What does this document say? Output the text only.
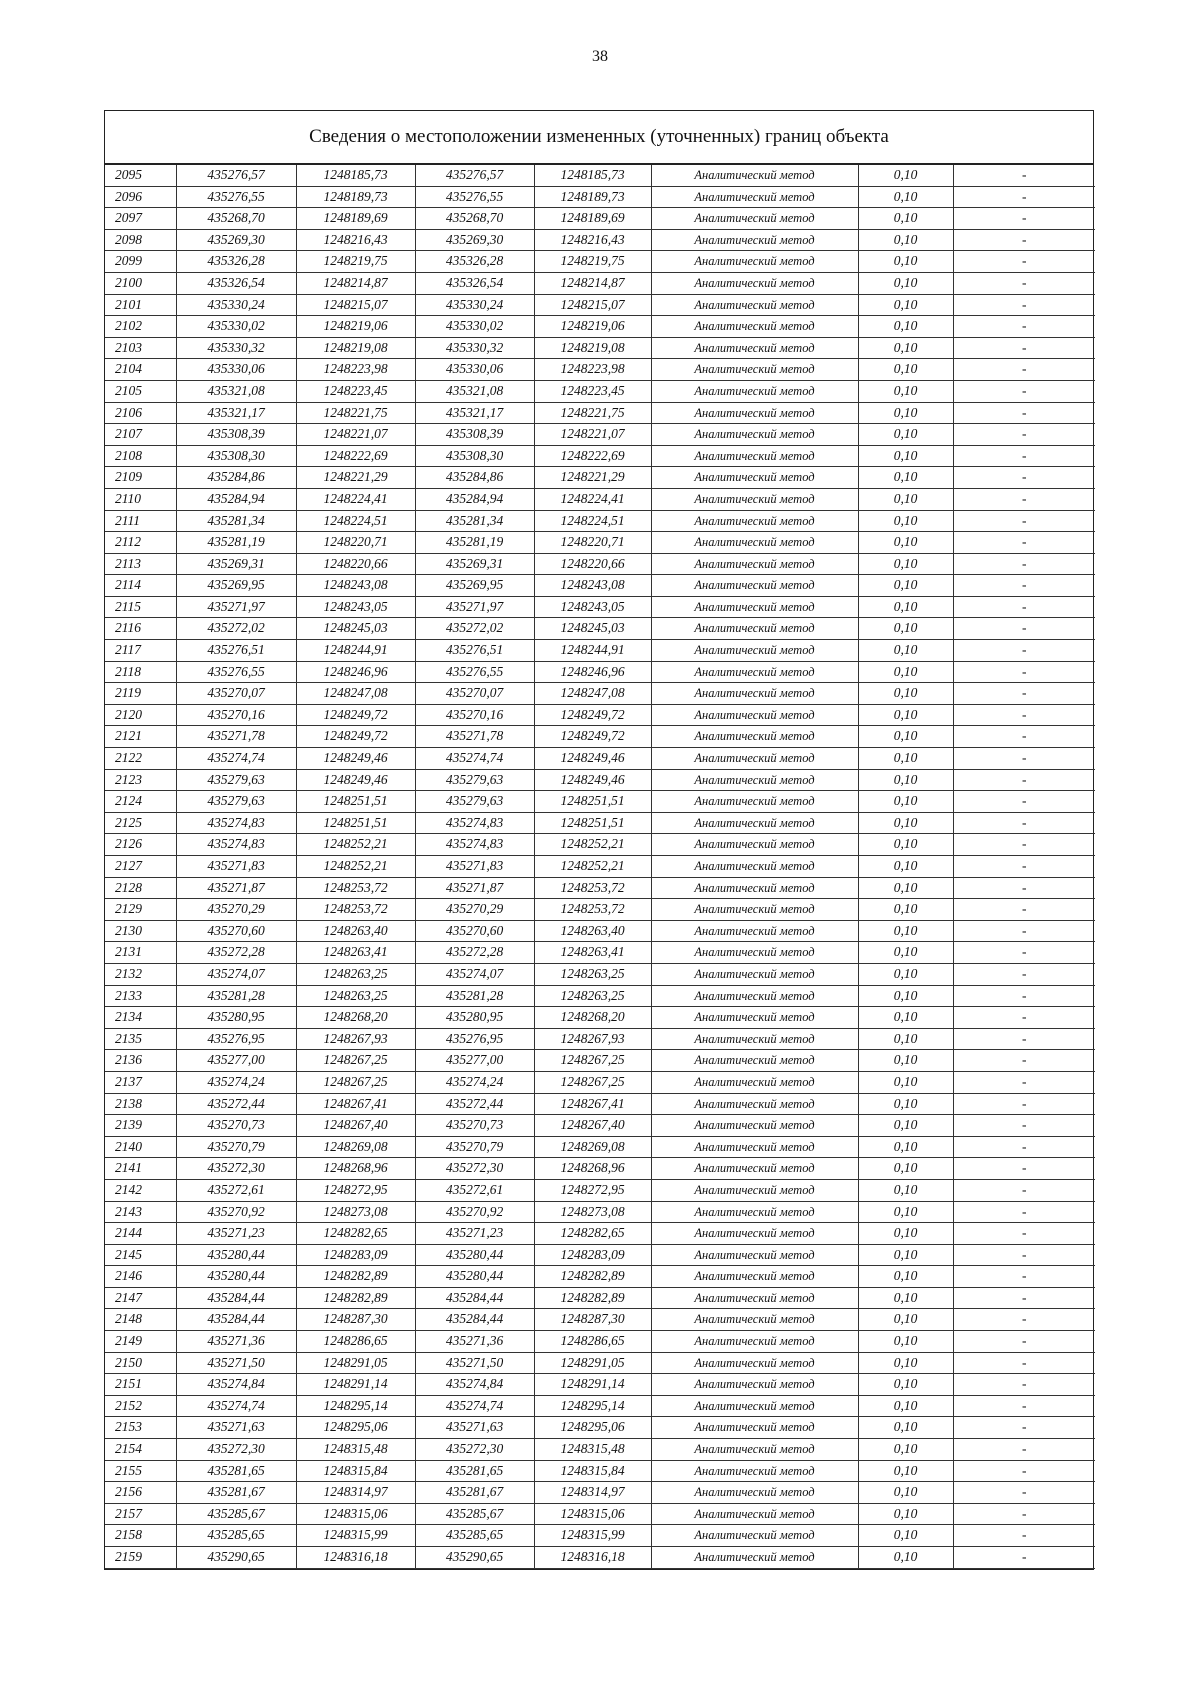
38
Сведения о местоположении измененных (уточненных) границ объекта
2095	435276,57	1248185,73	435276,57	1248185,73	Аналитический метод	0,10	-
2096	435276,55	1248189,73	435276,55	1248189,73	Аналитический метод	0,10	-
2097	435268,70	1248189,69	435268,70	1248189,69	Аналитический метод	0,10	-
2098	435269,30	1248216,43	435269,30	1248216,43	Аналитический метод	0,10	-
2099	435326,28	1248219,75	435326,28	1248219,75	Аналитический метод	0,10	-
2100	435326,54	1248214,87	435326,54	1248214,87	Аналитический метод	0,10	-
2101	435330,24	1248215,07	435330,24	1248215,07	Аналитический метод	0,10	-
2102	435330,02	1248219,06	435330,02	1248219,06	Аналитический метод	0,10	-
2103	435330,32	1248219,08	435330,32	1248219,08	Аналитический метод	0,10	-
2104	435330,06	1248223,98	435330,06	1248223,98	Аналитический метод	0,10	-
2105	435321,08	1248223,45	435321,08	1248223,45	Аналитический метод	0,10	-
2106	435321,17	1248221,75	435321,17	1248221,75	Аналитический метод	0,10	-
2107	435308,39	1248221,07	435308,39	1248221,07	Аналитический метод	0,10	-
2108	435308,30	1248222,69	435308,30	1248222,69	Аналитический метод	0,10	-
2109	435284,86	1248221,29	435284,86	1248221,29	Аналитический метод	0,10	-
2110	435284,94	1248224,41	435284,94	1248224,41	Аналитический метод	0,10	-
2111	435281,34	1248224,51	435281,34	1248224,51	Аналитический метод	0,10	-
2112	435281,19	1248220,71	435281,19	1248220,71	Аналитический метод	0,10	-
2113	435269,31	1248220,66	435269,31	1248220,66	Аналитический метод	0,10	-
2114	435269,95	1248243,08	435269,95	1248243,08	Аналитический метод	0,10	-
2115	435271,97	1248243,05	435271,97	1248243,05	Аналитический метод	0,10	-
2116	435272,02	1248245,03	435272,02	1248245,03	Аналитический метод	0,10	-
2117	435276,51	1248244,91	435276,51	1248244,91	Аналитический метод	0,10	-
2118	435276,55	1248246,96	435276,55	1248246,96	Аналитический метод	0,10	-
2119	435270,07	1248247,08	435270,07	1248247,08	Аналитический метод	0,10	-
2120	435270,16	1248249,72	435270,16	1248249,72	Аналитический метод	0,10	-
2121	435271,78	1248249,72	435271,78	1248249,72	Аналитический метод	0,10	-
2122	435274,74	1248249,46	435274,74	1248249,46	Аналитический метод	0,10	-
2123	435279,63	1248249,46	435279,63	1248249,46	Аналитический метод	0,10	-
2124	435279,63	1248251,51	435279,63	1248251,51	Аналитический метод	0,10	-
2125	435274,83	1248251,51	435274,83	1248251,51	Аналитический метод	0,10	-
2126	435274,83	1248252,21	435274,83	1248252,21	Аналитический метод	0,10	-
2127	435271,83	1248252,21	435271,83	1248252,21	Аналитический метод	0,10	-
2128	435271,87	1248253,72	435271,87	1248253,72	Аналитический метод	0,10	-
2129	435270,29	1248253,72	435270,29	1248253,72	Аналитический метод	0,10	-
2130	435270,60	1248263,40	435270,60	1248263,40	Аналитический метод	0,10	-
2131	435272,28	1248263,41	435272,28	1248263,41	Аналитический метод	0,10	-
2132	435274,07	1248263,25	435274,07	1248263,25	Аналитический метод	0,10	-
2133	435281,28	1248263,25	435281,28	1248263,25	Аналитический метод	0,10	-
2134	435280,95	1248268,20	435280,95	1248268,20	Аналитический метод	0,10	-
2135	435276,95	1248267,93	435276,95	1248267,93	Аналитический метод	0,10	-
2136	435277,00	1248267,25	435277,00	1248267,25	Аналитический метод	0,10	-
2137	435274,24	1248267,25	435274,24	1248267,25	Аналитический метод	0,10	-
2138	435272,44	1248267,41	435272,44	1248267,41	Аналитический метод	0,10	-
2139	435270,73	1248267,40	435270,73	1248267,40	Аналитический метод	0,10	-
2140	435270,79	1248269,08	435270,79	1248269,08	Аналитический метод	0,10	-
2141	435272,30	1248268,96	435272,30	1248268,96	Аналитический метод	0,10	-
2142	435272,61	1248272,95	435272,61	1248272,95	Аналитический метод	0,10	-
2143	435270,92	1248273,08	435270,92	1248273,08	Аналитический метод	0,10	-
2144	435271,23	1248282,65	435271,23	1248282,65	Аналитический метод	0,10	-
2145	435280,44	1248283,09	435280,44	1248283,09	Аналитический метод	0,10	-
2146	435280,44	1248282,89	435280,44	1248282,89	Аналитический метод	0,10	-
2147	435284,44	1248282,89	435284,44	1248282,89	Аналитический метод	0,10	-
2148	435284,44	1248287,30	435284,44	1248287,30	Аналитический метод	0,10	-
2149	435271,36	1248286,65	435271,36	1248286,65	Аналитический метод	0,10	-
2150	435271,50	1248291,05	435271,50	1248291,05	Аналитический метод	0,10	-
2151	435274,84	1248291,14	435274,84	1248291,14	Аналитический метод	0,10	-
2152	435274,74	1248295,14	435274,74	1248295,14	Аналитический метод	0,10	-
2153	435271,63	1248295,06	435271,63	1248295,06	Аналитический метод	0,10	-
2154	435272,30	1248315,48	435272,30	1248315,48	Аналитический метод	0,10	-
2155	435281,65	1248315,84	435281,65	1248315,84	Аналитический метод	0,10	-
2156	435281,67	1248314,97	435281,67	1248314,97	Аналитический метод	0,10	-
2157	435285,67	1248315,06	435285,67	1248315,06	Аналитический метод	0,10	-
2158	435285,65	1248315,99	435285,65	1248315,99	Аналитический метод	0,10	-
2159	435290,65	1248316,18	435290,65	1248316,18	Аналитический метод	0,10	-
